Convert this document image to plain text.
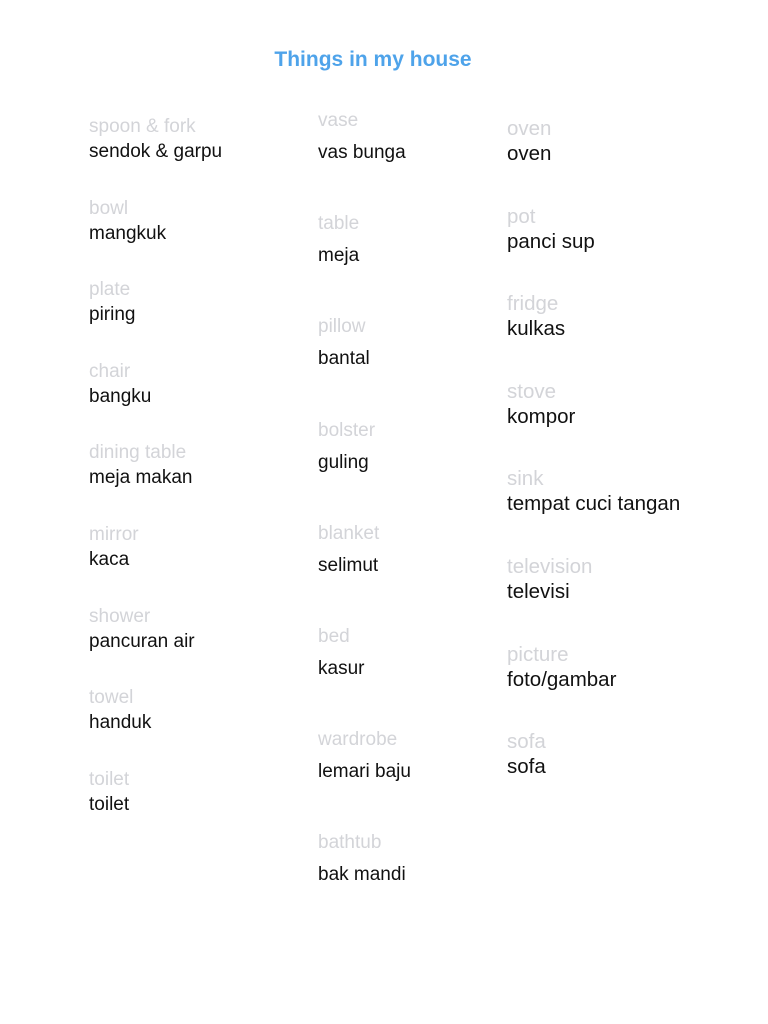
Things in my house
spoon & fork
sendok & garpu
bowl
mangkuk
plate
piring
chair
bangku
dining table
meja makan
mirror
kaca
shower
pancuran air
towel
handuk
toilet
toilet
vase
vas bunga
table
meja
pillow
bantal
bolster
guling
blanket
selimut
bed
kasur
wardrobe
lemari baju
bathtub
bak mandi
oven
oven
pot
panci sup
fridge
kulkas
stove
kompor
sink
tempat cuci tangan
television
televisi
picture
foto/gambar
sofa
sofa
